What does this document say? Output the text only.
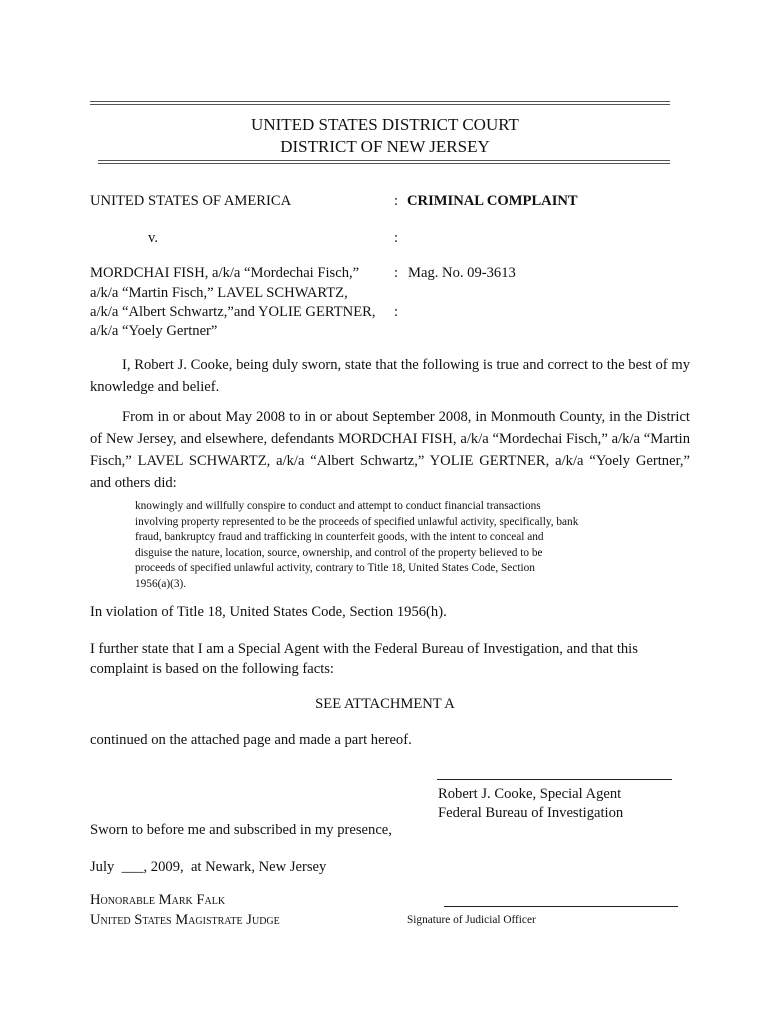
UNITED STATES DISTRICT COURT
DISTRICT OF NEW JERSEY
UNITED STATES OF AMERICA	: CRIMINAL COMPLAINT
v.	:
MORDCHAI FISH, a/k/a “Mordechai Fisch,” : Mag. No. 09-3613
a/k/a “Martin Fisch,” LAVEL SCHWARTZ,
a/k/a “Albert Schwartz,”and YOLIE GERTNER, :
a/k/a “Yoely Gertner”
I, Robert J. Cooke, being duly sworn, state that the following is true and correct to the best of my knowledge and belief.
From in or about May 2008 to in or about September 2008, in Monmouth County, in the District of New Jersey, and elsewhere, defendants MORDCHAI FISH, a/k/a “Mordechai Fisch,” a/k/a “Martin Fisch,” LAVEL SCHWARTZ, a/k/a “Albert Schwartz,” YOLIE GERTNER, a/k/a “Yoely Gertner,” and others did:
knowingly and willfully conspire to conduct and attempt to conduct financial transactions
involving property represented to be the proceeds of specified unlawful activity, specifically, bank
fraud, bankruptcy fraud and trafficking in counterfeit goods, with the intent to conceal and
disguise the nature, location, source, ownership, and control of the property believed to be
proceeds of specified unlawful activity, contrary to Title 18, United States Code, Section
1956(a)(3).
In violation of Title 18, United States Code, Section 1956(h).
I further state that I am a Special Agent with the Federal Bureau of Investigation, and that this
complaint is based on the following facts:
SEE ATTACHMENT A
continued on the attached page and made a part hereof.
Robert J. Cooke, Special Agent
Federal Bureau of Investigation
Sworn to before me and subscribed in my presence,
July  ___, 2009,  at Newark, New Jersey
Honorable Mark Falk
United States Magistrate Judge	Signature of Judicial Officer
